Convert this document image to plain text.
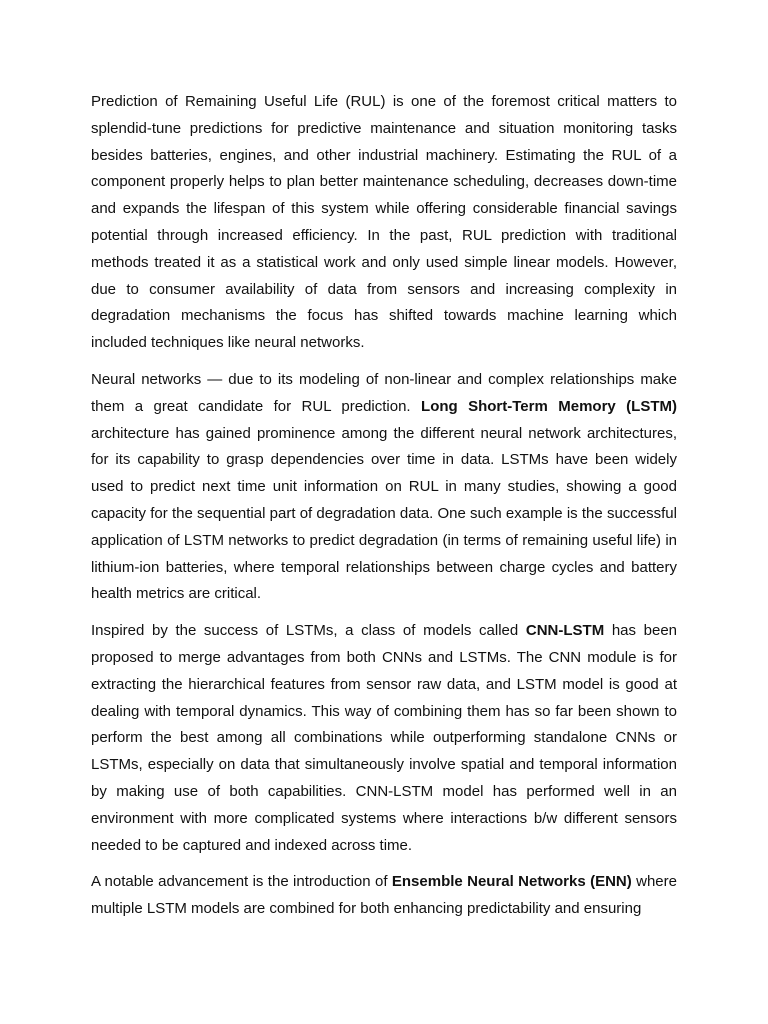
Prediction of Remaining Useful Life (RUL) is one of the foremost critical matters to splendid-tune predictions for predictive maintenance and situation monitoring tasks besides batteries, engines, and other industrial machinery. Estimating the RUL of a component properly helps to plan better maintenance scheduling, decreases down-time and expands the lifespan of this system while offering considerable financial savings potential through increased efficiency. In the past, RUL prediction with traditional methods treated it as a statistical work and only used simple linear models. However, due to consumer availability of data from sensors and increasing complexity in degradation mechanisms the focus has shifted towards machine learning which included techniques like neural networks.

Neural networks — due to its modeling of non-linear and complex relationships make them a great candidate for RUL prediction. Long Short-Term Memory (LSTM) architecture has gained prominence among the different neural network architectures, for its capability to grasp dependencies over time in data. LSTMs have been widely used to predict next time unit information on RUL in many studies, showing a good capacity for the sequential part of degradation data. One such example is the successful application of LSTM networks to predict degradation (in terms of remaining useful life) in lithium-ion batteries, where temporal relationships between charge cycles and battery health metrics are critical.

Inspired by the success of LSTMs, a class of models called CNN-LSTM has been proposed to merge advantages from both CNNs and LSTMs. The CNN module is for extracting the hierarchical features from sensor raw data, and LSTM model is good at dealing with temporal dynamics. This way of combining them has so far been shown to perform the best among all combinations while outperforming standalone CNNs or LSTMs, especially on data that simultaneously involve spatial and temporal information by making use of both capabilities. CNN-LSTM model has performed well in an environment with more complicated systems where interactions b/w different sensors needed to be captured and indexed across time.

A notable advancement is the introduction of Ensemble Neural Networks (ENN) where multiple LSTM models are combined for both enhancing predictability and ensuring
